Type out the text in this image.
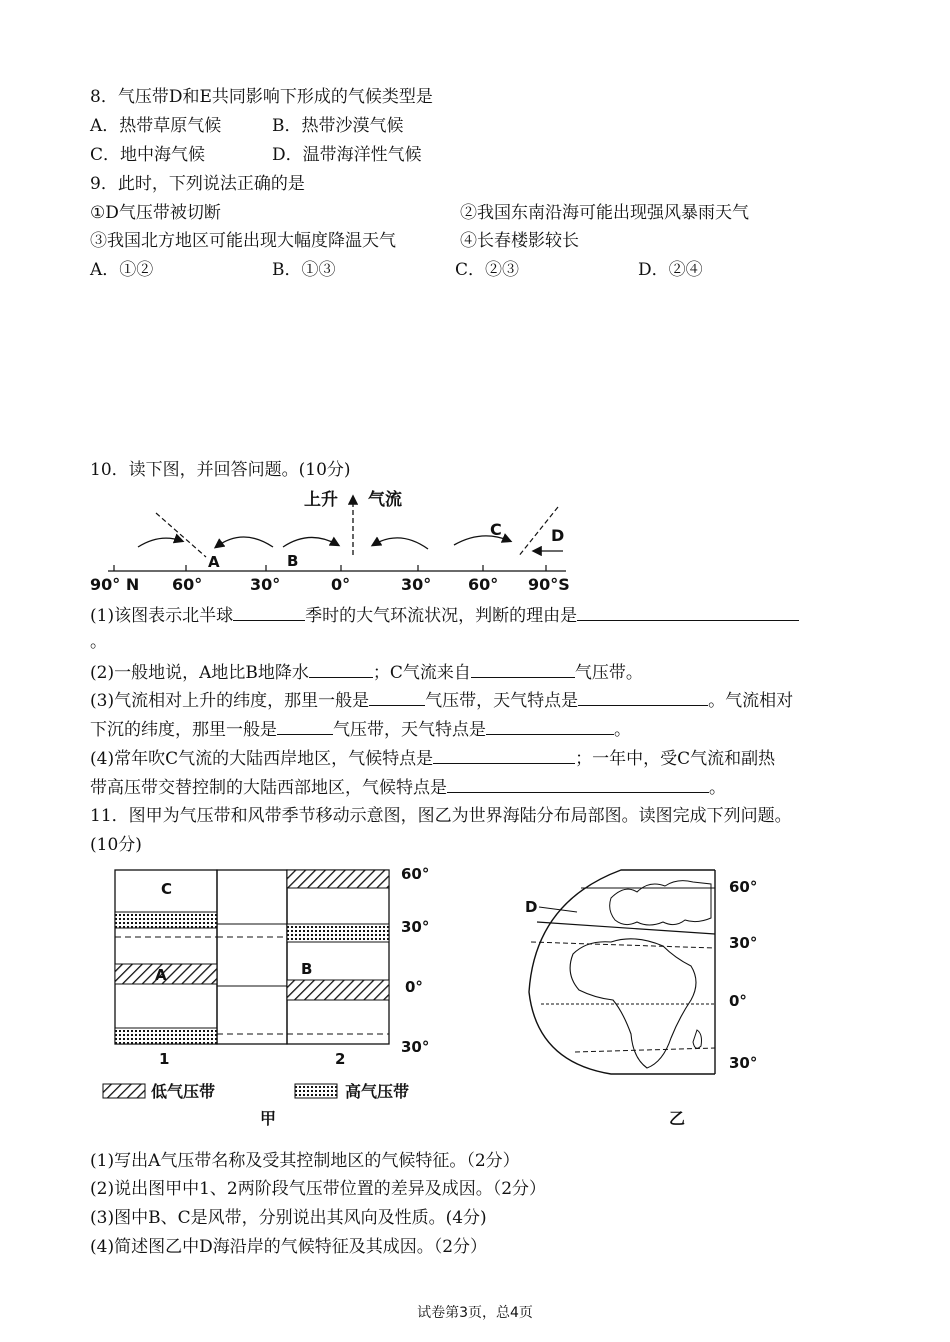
8．气压带D和E共同影响下形成的气候类型是
A．热带草原气候	B．热带沙漠气候
C．地中海气候	D．温带海洋性气候
9．此时，下列说法正确的是
①D气压带被切断	②我国东南沿海可能出现强风暴雨天气
③我国北方地区可能出现大幅度降温天气	④长春楼影较长
A．①②	B．①③	C．②③	D．②④
10．读下图，并回答问题。(10分)
上升 气流
A	B
C	D
90° N 60°	30°	0°	30° 60° 90°S
(1)该图表示北半球	季时的大气环流状况，判断的理由是
。
(2)一般地说，A地比B地降水	；C气流来自	气压带。
(3)气流相对上升的纬度，那里一般是	气压带，天气特点是	。气流相对
下沉的纬度，那里一般是	气压带，天气特点是	。
(4)常年吹C气流的大陆西岸地区，气候特点是	；一年中，受C气流和副热
带高压带交替控制的大陆西部地区，气候特点是	。
11．图甲为气压带和风带季节移动示意图，图乙为世界海陆分布局部图。读图完成下列问题。
(10分)
C
A	B
60°
30°
0°
30°
1	2
低气压带	高气压带
甲
D
60°
30°
0°
30°
乙
(1)写出A气压带名称及受其控制地区的气候特征。（2分）
(2)说出图甲中1、2两阶段气压带位置的差异及成因。（2分）
(3)图中B、C是风带，分别说出其风向及性质。(4分)
(4)简述图乙中D海沿岸的气候特征及其成因。（2分）
试卷第3页，总4页
